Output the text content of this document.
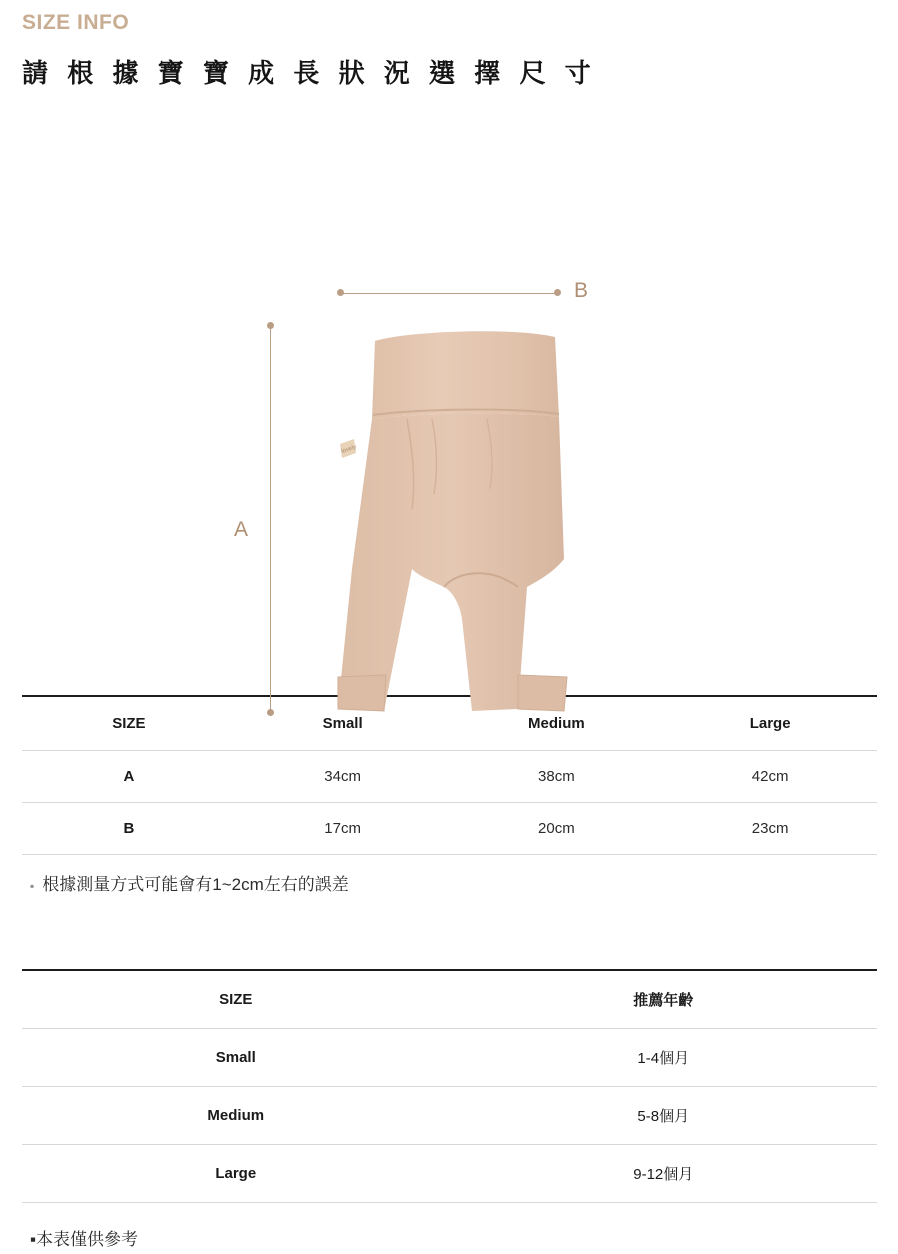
SIZE INFO
請 根 據 寶 寶 成 長 狀 況 選 擇 尺 寸
B
A
lovely
SIZE	Small	Medium	Large
A	34cm	38cm	42cm
B	17cm	20cm	23cm
▪ 根據測量方式可能會有1~2cm左右的誤差
SIZE	推薦年齡
Small	1-4個月
Medium	5-8個月
Large	9-12個月
▪本表僅供參考
